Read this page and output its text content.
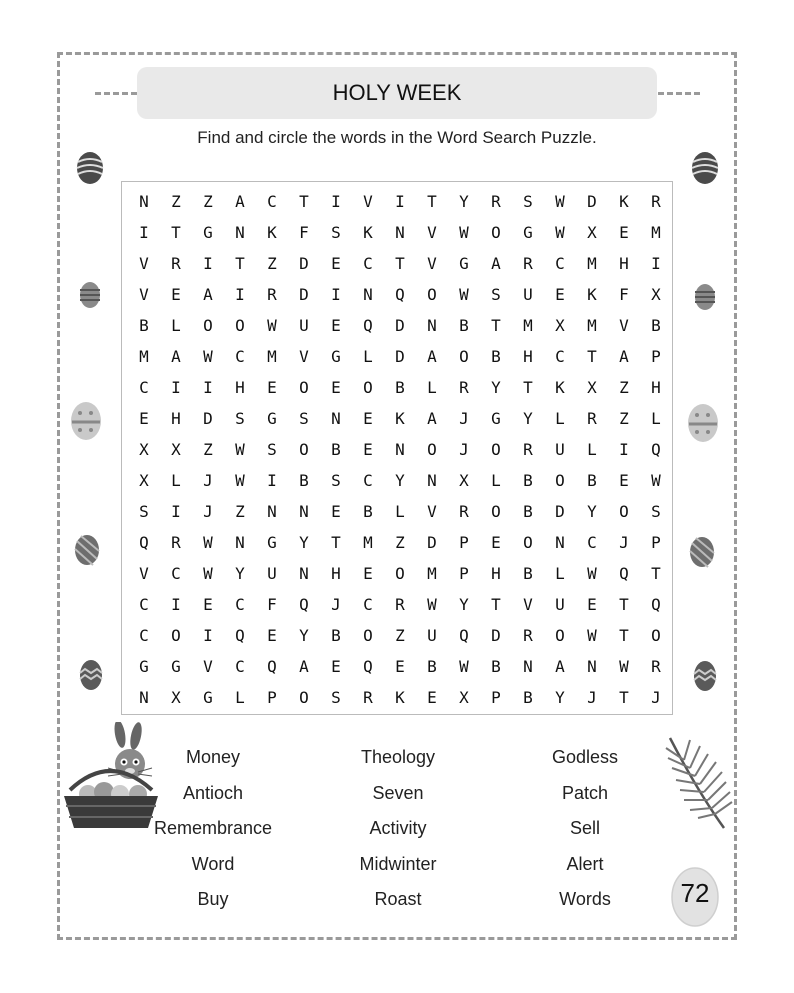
HOLY WEEK
Find and circle the words in the Word Search Puzzle.
N	Z	Z	A	C	T	I	V	I	T	Y	R	S	W	D	K	R
I	T	G	N	K	F	S	K	N	V	W	O	G	W	X	E	M
V	R	I	T	Z	D	E	C	T	V	G	A	R	C	M	H	I
V	E	A	I	R	D	I	N	Q	O	W	S	U	E	K	F	X
B	L	O	O	W	U	E	Q	D	N	B	T	M	X	M	V	B
M	A	W	C	M	V	G	L	D	A	O	B	H	C	T	A	P
C	I	I	H	E	O	E	O	B	L	R	Y	T	K	X	Z	H
E	H	D	S	G	S	N	E	K	A	J	G	Y	L	R	Z	L
X	X	Z	W	S	O	B	E	N	O	J	O	R	U	L	I	Q
X	L	J	W	I	B	S	C	Y	N	X	L	B	O	B	E	W
S	I	J	Z	N	N	E	B	L	V	R	O	B	D	Y	O	S
Q	R	W	N	G	Y	T	M	Z	D	P	E	O	N	C	J	P
V	C	W	Y	U	N	H	E	O	M	P	H	B	L	W	Q	T
C	I	E	C	F	Q	J	C	R	W	Y	T	V	U	E	T	Q
C	O	I	Q	E	Y	B	O	Z	U	Q	D	R	O	W	T	O
G	G	V	C	Q	A	E	Q	E	B	W	B	N	A	N	W	R
N	X	G	L	P	O	S	R	K	E	X	P	B	Y	J	T	J
Money	Theology	Godless
Antioch	Seven	Patch
Remembrance	Activity	Sell
Word	Midwinter	Alert
Buy	Roast	Words	72
